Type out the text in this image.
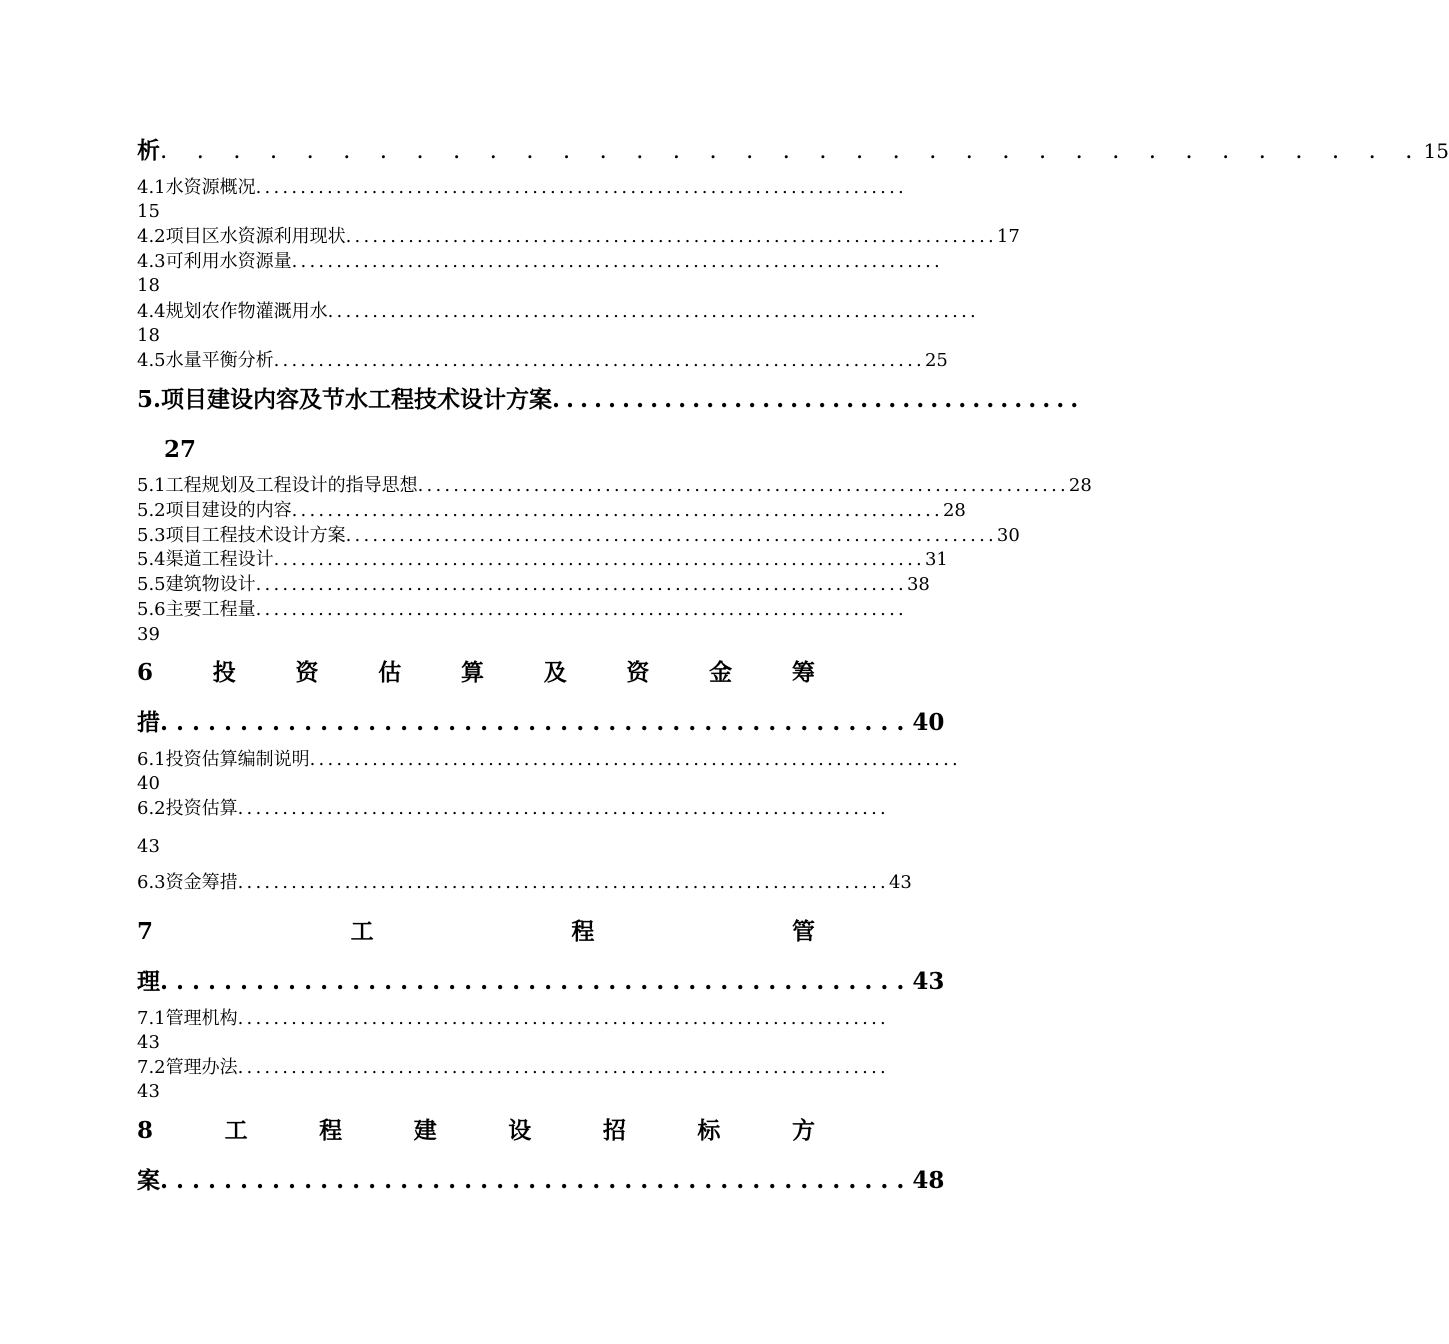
析 . . . . . . . . . . . . . . . . . . . . . . . . . . . . . . . . . . . 15
4.1水资源概况 .........................................................................
15
4.2项目区水资源利用现状 ......................................................................... 17
4.3可利用水资源量 .........................................................................
18
4.4规划农作物灌溉用水 .........................................................................
18
4.5水量平衡分析 ......................................................................... 25
5.项目建设内容及节水工程技术设计方案 ......................................
27
5.1工程规划及工程设计的指导思想 ......................................................................... 28
5.2项目建设的内容 ......................................................................... 28
5.3项目工程技术设计方案 ......................................................................... 30
5.4渠道工程设计 ......................................................................... 31
5.5建筑物设计 ......................................................................... 38
5.6主要工程量 .........................................................................
39
6	投	资	估	算	及	资	金	筹
措 ............................................... 40
6.1投资估算编制说明 .........................................................................
40
6.2投资估算 .........................................................................
43
6.3资金筹措 ......................................................................... 43
7	工	程	管
理 ............................................... 43
7.1管理机构 .........................................................................
43
7.2管理办法 .........................................................................
43
8	工	程	建	设	招	标	方
案 ............................................... 48
